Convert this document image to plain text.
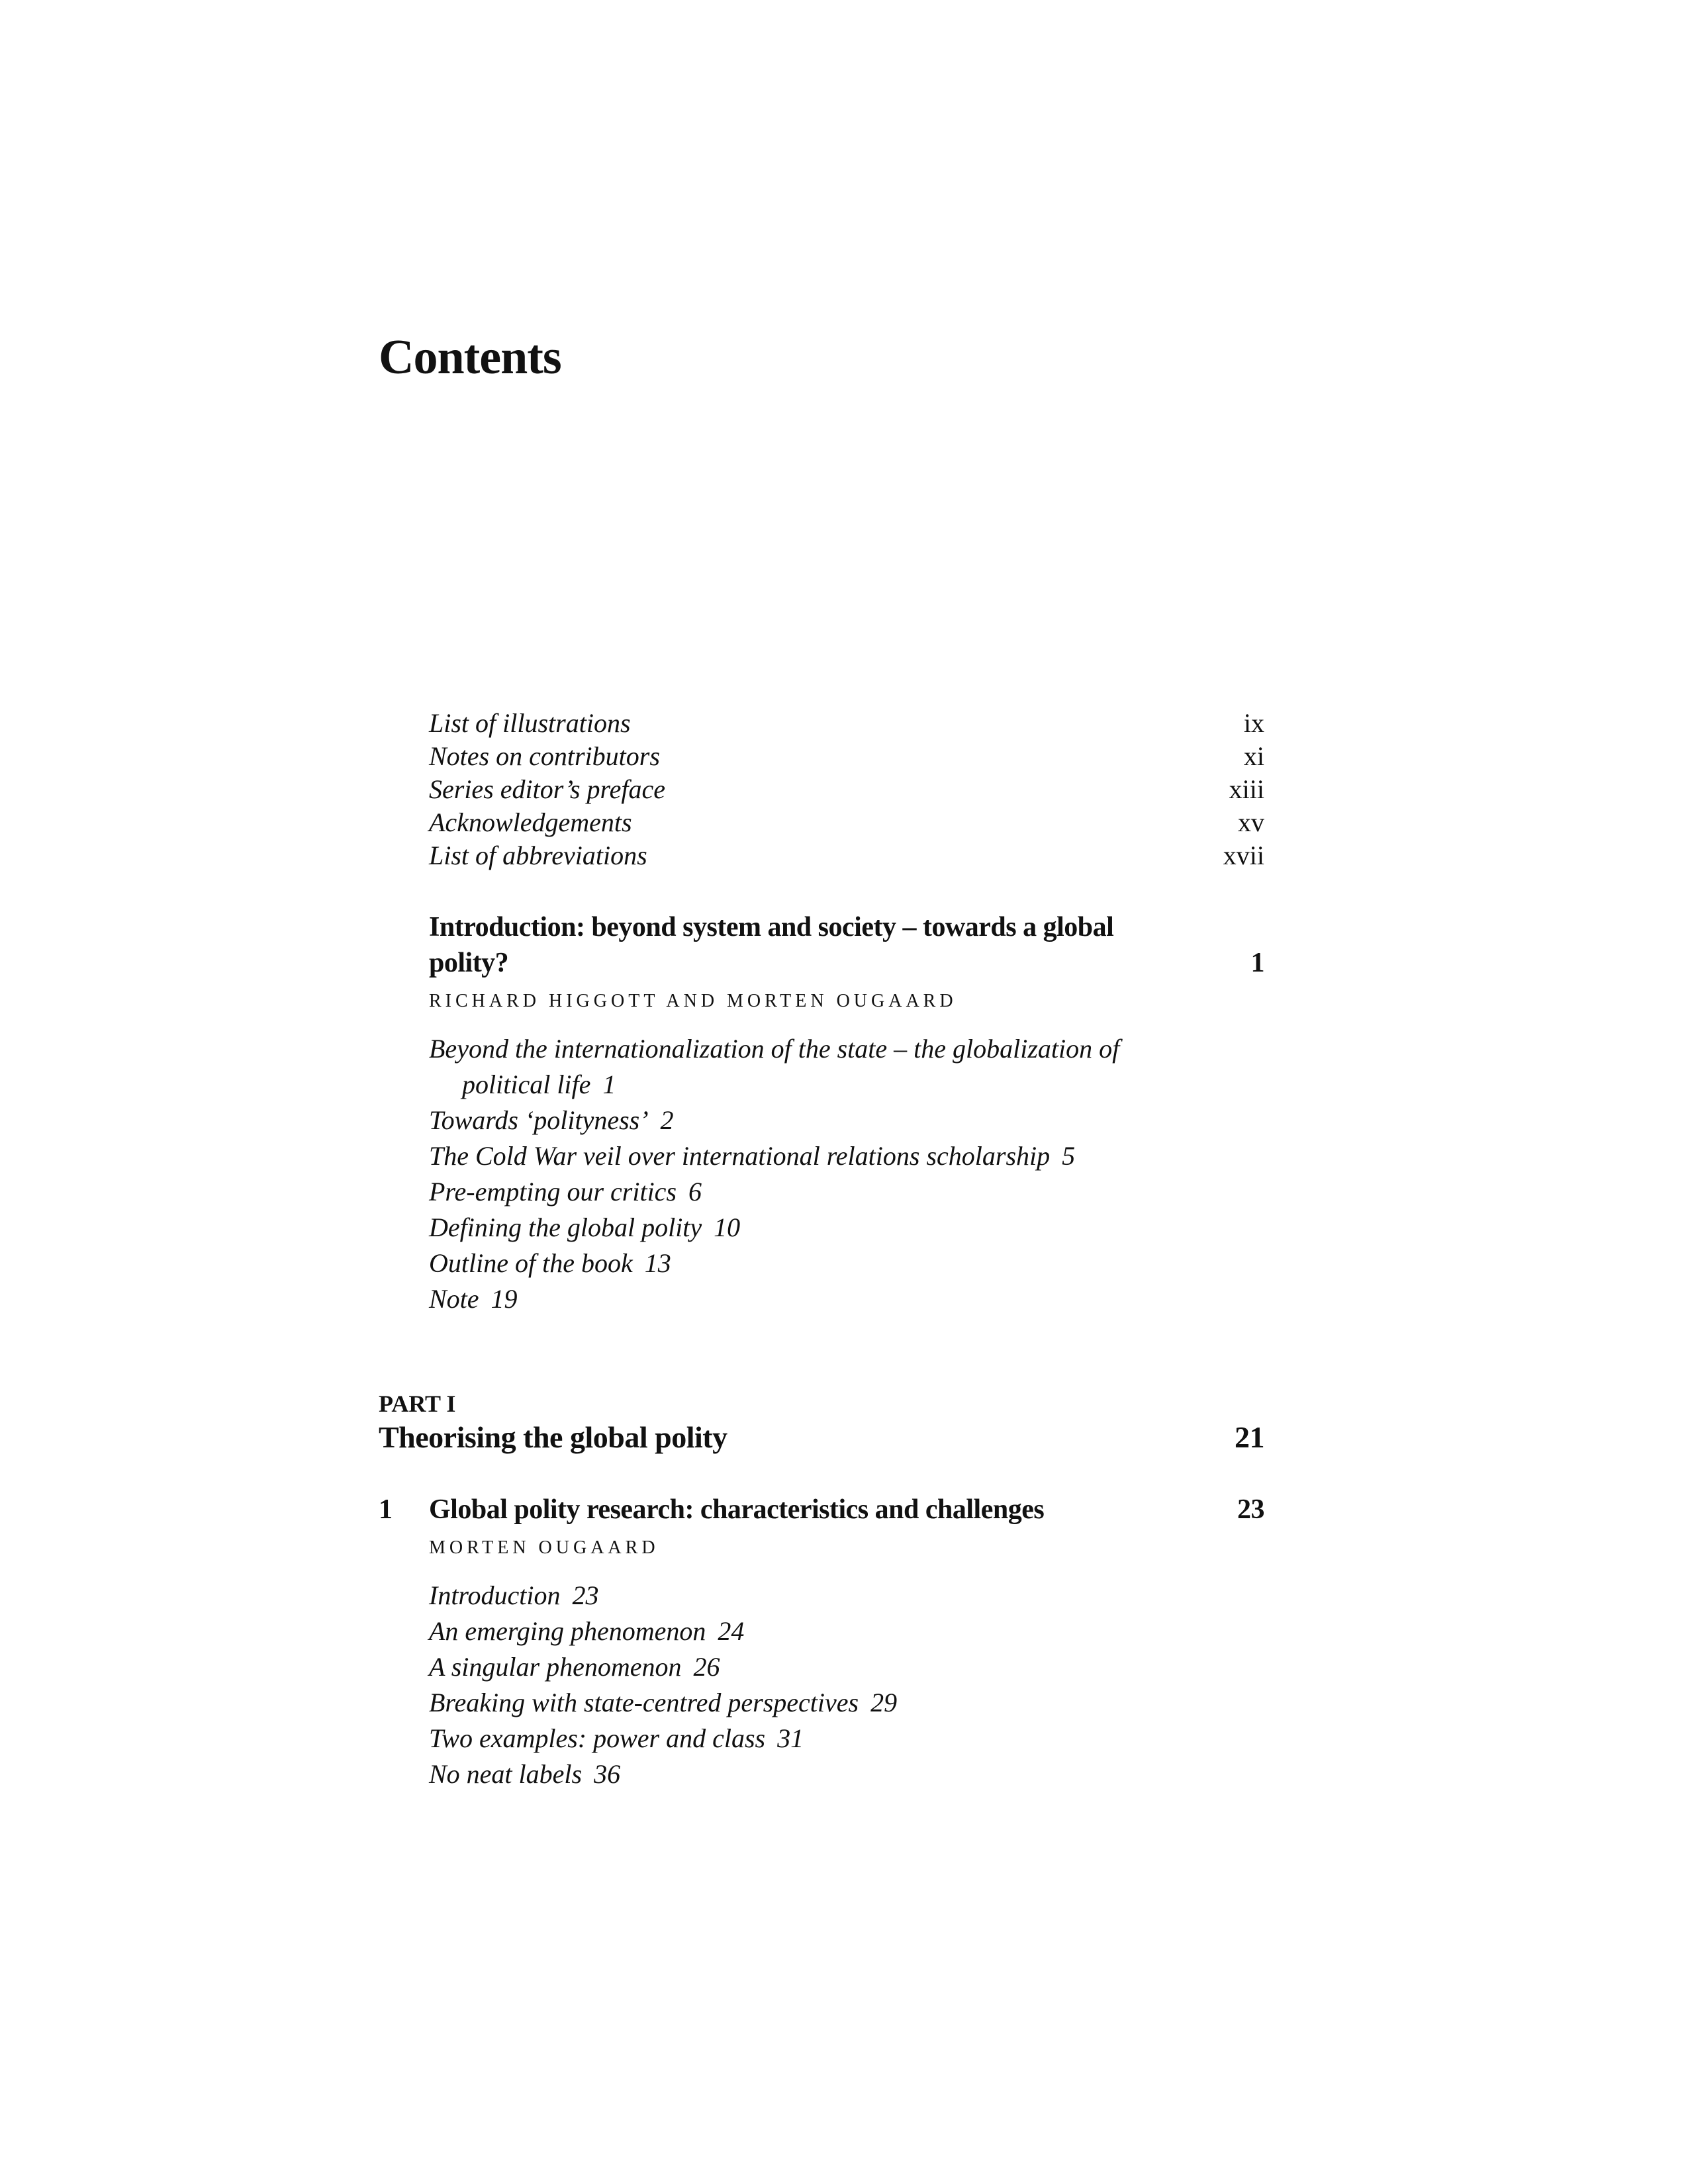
Contents
List of illustrations	ix
Notes on contributors	xi
Series editor’s preface	xiii
Acknowledgements	xv
List of abbreviations	xvii
Introduction: beyond system and society – towards a global
polity?	1
RICHARD HIGGOTT AND MORTEN OUGAARD
Beyond the internationalization of the state – the globalization of
political life 1
Towards ‘polityness’ 2
The Cold War veil over international relations scholarship 5
Pre-empting our critics 6
Defining the global polity 10
Outline of the book 13
Note 19
PART I
Theorising the global polity	21
1	Global polity research: characteristics and challenges	23
MORTEN OUGAARD
Introduction 23
An emerging phenomenon 24
A singular phenomenon 26
Breaking with state-centred perspectives 29
Two examples: power and class 31
No neat labels 36
